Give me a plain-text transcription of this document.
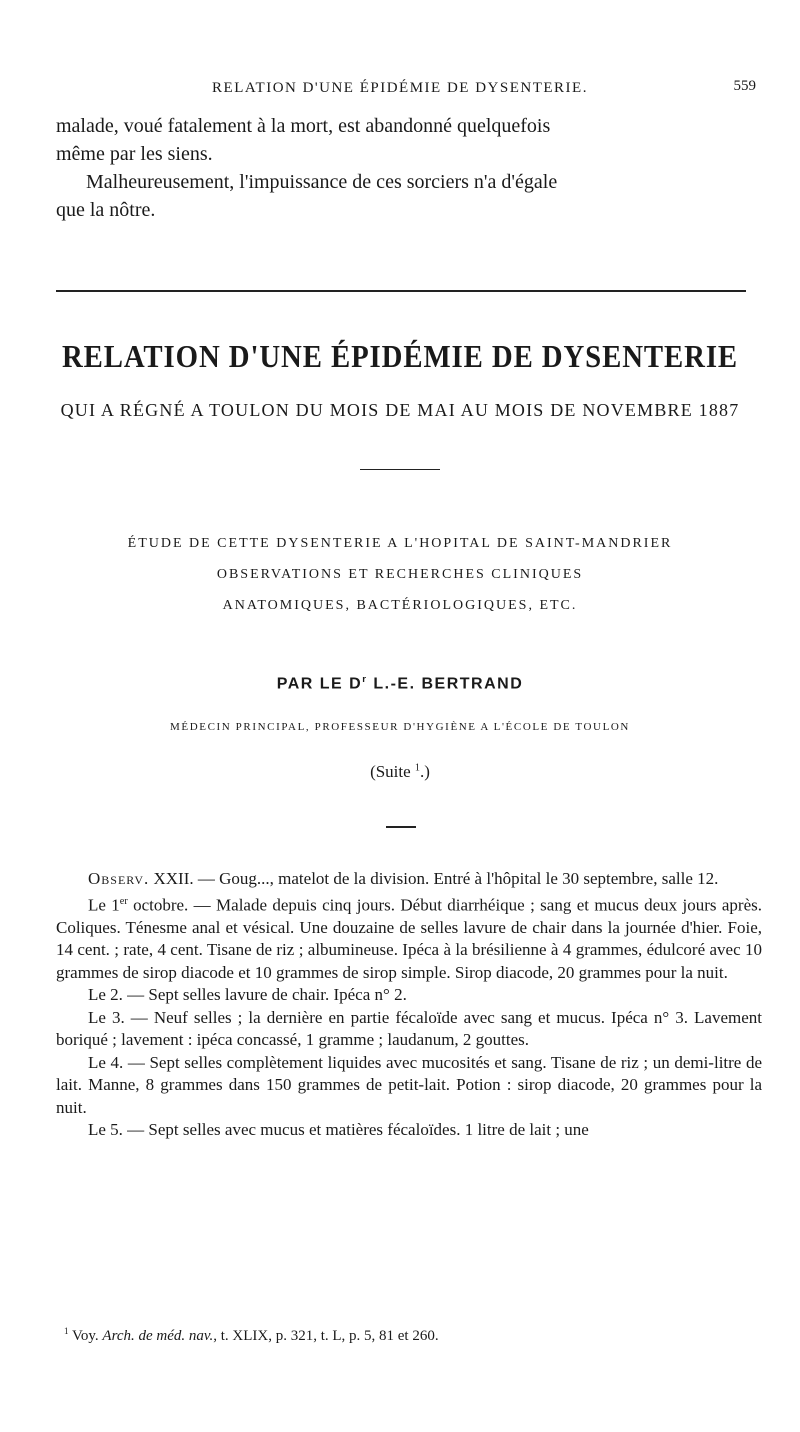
RELATION D'UNE ÉPIDÉMIE DE DYSENTERIE.	559

malade, voué fatalement à la mort, est abandonné quelquefois
même par les siens.
Malheureusement, l'impuissance de ces sorciers n'a d'égale
que la nôtre.

RELATION D'UNE ÉPIDÉMIE DE DYSENTERIE
QUI A RÉGNÉ A TOULON DU MOIS DE MAI AU MOIS DE NOVEMBRE 1887
ÉTUDE DE CETTE DYSENTERIE A L'HOPITAL DE SAINT-MANDRIER
OBSERVATIONS ET RECHERCHES CLINIQUES
ANATOMIQUES, BACTÉRIOLOGIQUES, ETC.
PAR LE $D^r$ L.-E. BERTRAND
MÉDECIN PRINCIPAL, PROFESSEUR D'HYGIÈNE A L'ÉCOLE DE TOULON
(Suite $^1$.)

Observ. XXII. — Goug..., matelot de la division. Entré à l'hôpital le 30 septembre, salle 12.

Le 1er octobre. — Malade depuis cinq jours. Début diarrhéique ; sang et mucus deux jours après. Coliques. Ténesme anal et vésical. Une douzaine de selles lavure de chair dans la journée d'hier. Foie, 14 cent. ; rate, 4 cent. Tisane de riz ; albumineuse. Ipéca à la brésilienne à 4 grammes, édulcoré avec 10 grammes de sirop diacode et 10 grammes de sirop simple. Sirop diacode, 20 grammes pour la nuit.

Le 2. — Sept selles lavure de chair. Ipéca n° 2.

Le 3. — Neuf selles ; la dernière en partie fécaloïde avec sang et mucus. Ipéca n° 3. Lavement boriqué ; lavement : ipéca concassé, 1 gramme ; laudanum, 2 gouttes.

Le 4. — Sept selles complètement liquides avec mucosités et sang. Tisane de riz ; un demi-litre de lait. Manne, 8 grammes dans 150 grammes de petit-lait. Potion : sirop diacode, 20 grammes pour la nuit.

Le 5. — Sept selles avec mucus et matières fécaloïdes. 1 litre de lait ; une

$^1$ Voy. Arch. de méd. nav., t. XLIX, p. 321, t. L, p. 5, 81 et 260.
